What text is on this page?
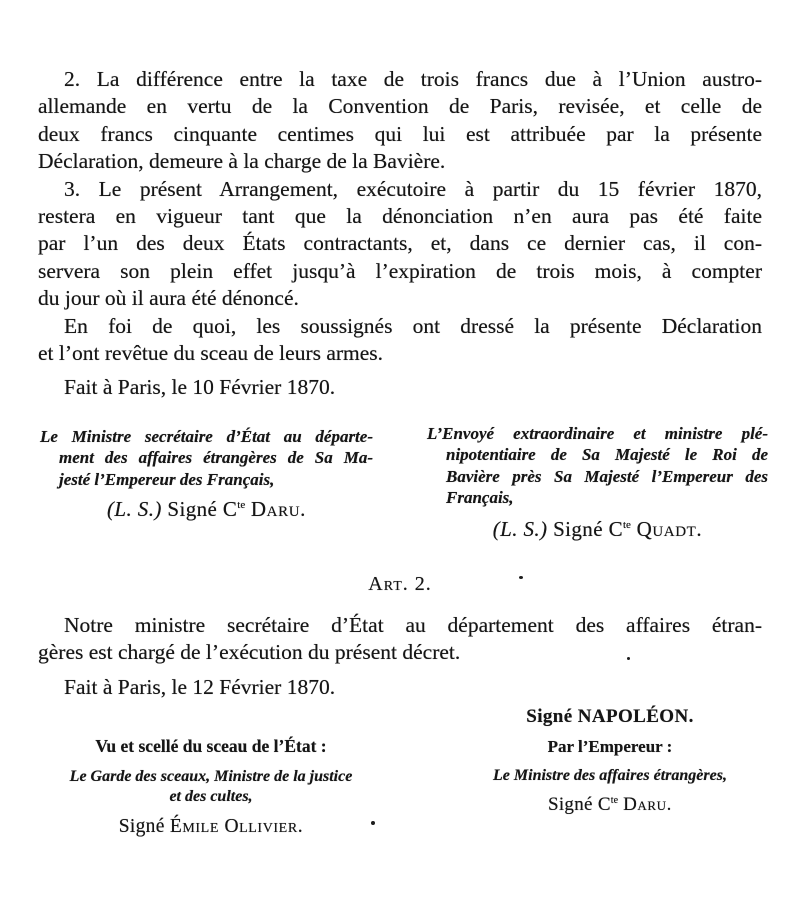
2. La différence entre la taxe de trois francs due à l’Union austro-
allemande en vertu de la Convention de Paris, revisée, et celle de
deux francs cinquante centimes qui lui est attribuée par la présente
Déclaration, demeure à la charge de la Bavière.
3. Le présent Arrangement, exécutoire à partir du 15 février 1870,
restera en vigueur tant que la dénonciation n’en aura pas été faite
par l’un des deux États contractants, et, dans ce dernier cas, il con-
servera son plein effet jusqu’à l’expiration de trois mois, à compter
du jour où il aura été dénoncé.
En foi de quoi, les soussignés ont dressé la présente Déclaration
et l’ont revêtue du sceau de leurs armes.
Fait à Paris, le 10 Février 1870.
Le Ministre secrétaire d’État au départe-
ment des affaires étrangères de Sa Ma-
jesté l’Empereur des Français,
(L. S.) Signé $C^{te}$ Daru.
L’Envoyé extraordinaire et ministre plé-
nipotentiaire de Sa Majesté le Roi de
Bavière près Sa Majesté l’Empereur des
Français,
(L. S.) Signé $C^{te}$ Quadt.
Art. 2.
Notre ministre secrétaire d’État au département des affaires étran-
gères est chargé de l’exécution du présent décret.
Fait à Paris, le 12 Février 1870.
Signé NAPOLÉON.
Par l’Empereur :
Le Ministre des affaires étrangères,
Signé $C^{te}$ Daru.
Vu et scellé du sceau de l’État :
Le Garde des sceaux, Ministre de la justice
et des cultes,
Signé Émile Ollivier.
